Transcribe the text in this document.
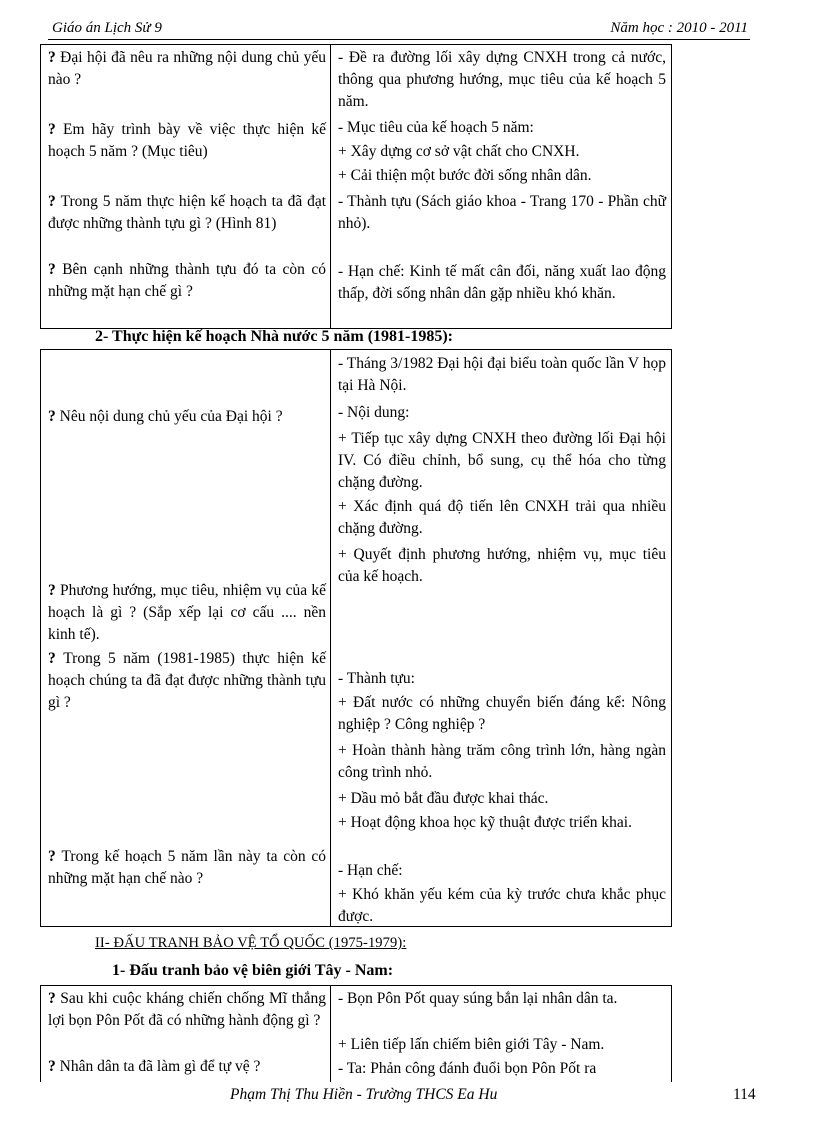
Giáo án Lịch Sử 9	Năm học : 2010 - 2011
? Đại hội đã nêu ra những nội dung chủ yếu nào ?
- Đề ra đường lối xây dựng CNXH trong cả nước, thông qua phương hướng, mục tiêu của kế hoạch 5 năm.
? Em hãy trình bày về việc thực hiện kế hoạch 5 năm ? (Mục tiêu)
- Mục tiêu của kế hoạch 5 năm:
+ Xây dựng cơ sở vật chất cho CNXH.
+ Cải thiện một bước đời sống nhân dân.
? Trong 5 năm thực hiện kế hoạch ta đã đạt được những thành tựu gì ? (Hình 81)
- Thành tựu (Sách giáo khoa - Trang 170 - Phần chữ nhỏ).
? Bên cạnh những thành tựu đó ta còn có những mặt hạn chế gì ?
- Hạn chế: Kinh tế mất cân đối, năng xuất lao động thấp, đời sống nhân dân gặp nhiều khó khăn.
2- Thực hiện kế hoạch Nhà nước 5 năm (1981-1985):
? Nêu nội dung chủ yếu của Đại hội ?
? Phương hướng, mục tiêu, nhiệm vụ của kế hoạch là gì ? (Sắp xếp lại cơ cấu .... nền kinh tế).
? Trong 5 năm (1981-1985) thực hiện kế hoạch chúng ta đã đạt được những thành tựu gì ?
? Trong kế hoạch 5 năm lần này ta còn có những mặt hạn chế nào ?
- Tháng 3/1982 Đại hội đại biểu toàn quốc lần V họp tại Hà Nội.
- Nội dung:
+ Tiếp tục xây dựng CNXH theo đường lối Đại hội IV. Có điều chỉnh, bổ sung, cụ thể hóa cho từng chặng đường.
+ Xác định quá độ tiến lên CNXH trải qua nhiều chặng đường.
+ Quyết định phương hướng, nhiệm vụ, mục tiêu của kế hoạch.
- Thành tựu:
+ Đất nước có những chuyển biến đáng kể: Nông nghiệp ? Công nghiệp ?
+ Hoàn thành hàng trăm công trình lớn, hàng ngàn công trình nhỏ.
+ Dầu mỏ bắt đầu được khai thác.
+ Hoạt động khoa học kỹ thuật được triển khai.
- Hạn chế:
+ Khó khăn yếu kém của kỳ trước chưa khắc phục được.
II- ĐẤU TRANH BẢO VỆ TỔ QUỐC (1975-1979):
1- Đấu tranh bảo vệ biên giới Tây - Nam:
? Sau khi cuộc kháng chiến chống Mĩ thắng lợi bọn Pôn Pốt đã có những hành động gì ?
? Nhân dân ta đã làm gì để tự vệ ?
- Bọn Pôn Pốt quay súng bắn lại nhân dân ta.
+ Liên tiếp lấn chiếm biên giới Tây - Nam.
- Ta: Phản công đánh đuổi bọn Pôn Pốt ra
Phạm Thị Thu Hiền - Trường THCS Ea Hu	114
